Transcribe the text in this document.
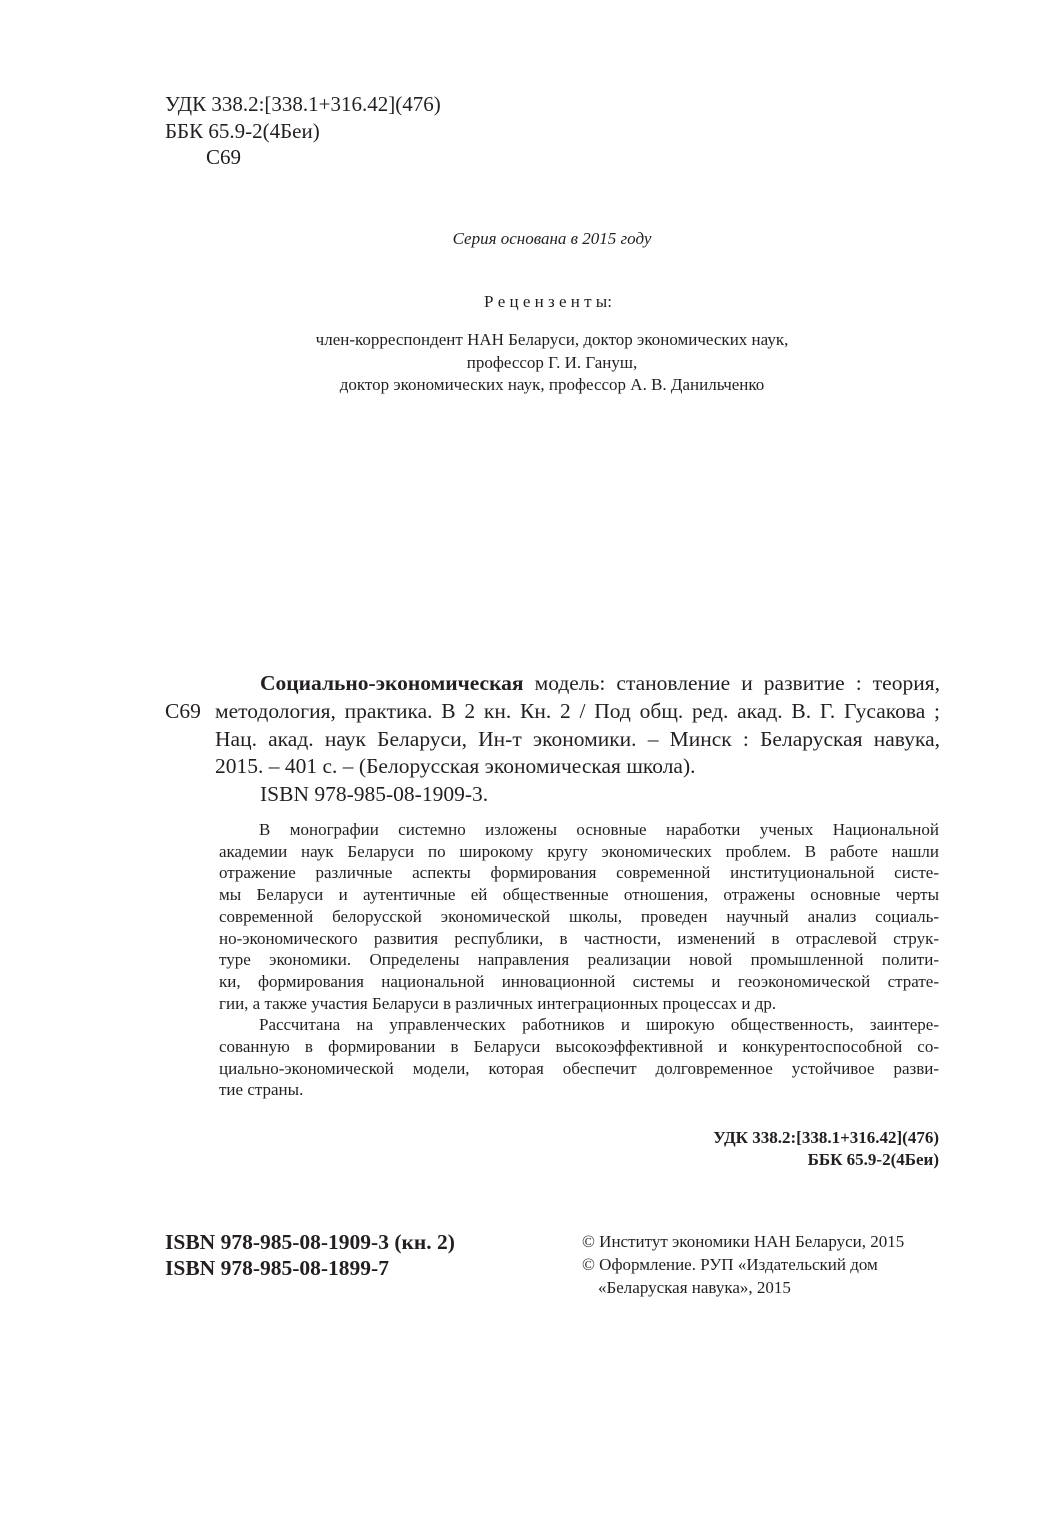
УДК 338.2:[338.1+316.42](476)
ББК 65.9-2(4Беи)
С69
Серия основана в 2015 году
Р е ц е н з е н т ы:
член-корреспондент НАН Беларуси, доктор экономических наук,
профессор Г. И. Гануш,
доктор экономических наук, профессор А. В. Данильченко
Социально-экономическая модель: становление и развитие : теория,
С69 методология, практика. В 2 кн. Кн. 2 / Под общ. ред. акад. В. Г. Гусакова ;
Нац. акад. наук Беларуси, Ин-т экономики. – Минск : Беларуская навука,
2015. – 401 с. – (Белорусская экономическая школа).
ISBN 978-985-08-1909-3.
В монографии системно изложены основные наработки ученых Национальной
академии наук Беларуси по широкому кругу экономических проблем. В работе нашли
отражение различные аспекты формирования современной институциональной систе-
мы Беларуси и аутентичные ей общественные отношения, отражены основные черты
современной белорусской экономической школы, проведен научный анализ социаль-
но-экономического развития республики, в частности, изменений в отраслевой струк-
туре экономики. Определены направления реализации новой промышленной полити-
ки, формирования национальной инновационной системы и геоэкономической страте-
гии, а также участия Беларуси в различных интеграционных процессах и др.
Рассчитана на управленческих работников и широкую общественность, заинтере-
сованную в формировании в Беларуси высокоэффективной и конкурентоспособной со-
циально-экономической модели, которая обеспечит долговременное устойчивое разви-
тие страны.
УДК 338.2:[338.1+316.42](476)
ББК 65.9-2(4Беи)
ISBN 978-985-08-1909-3 (кн. 2)
ISBN 978-985-08-1899-7
© Институт экономики НАН Беларуси, 2015
© Оформление. РУП «Издательский дом
«Беларуская навука», 2015
